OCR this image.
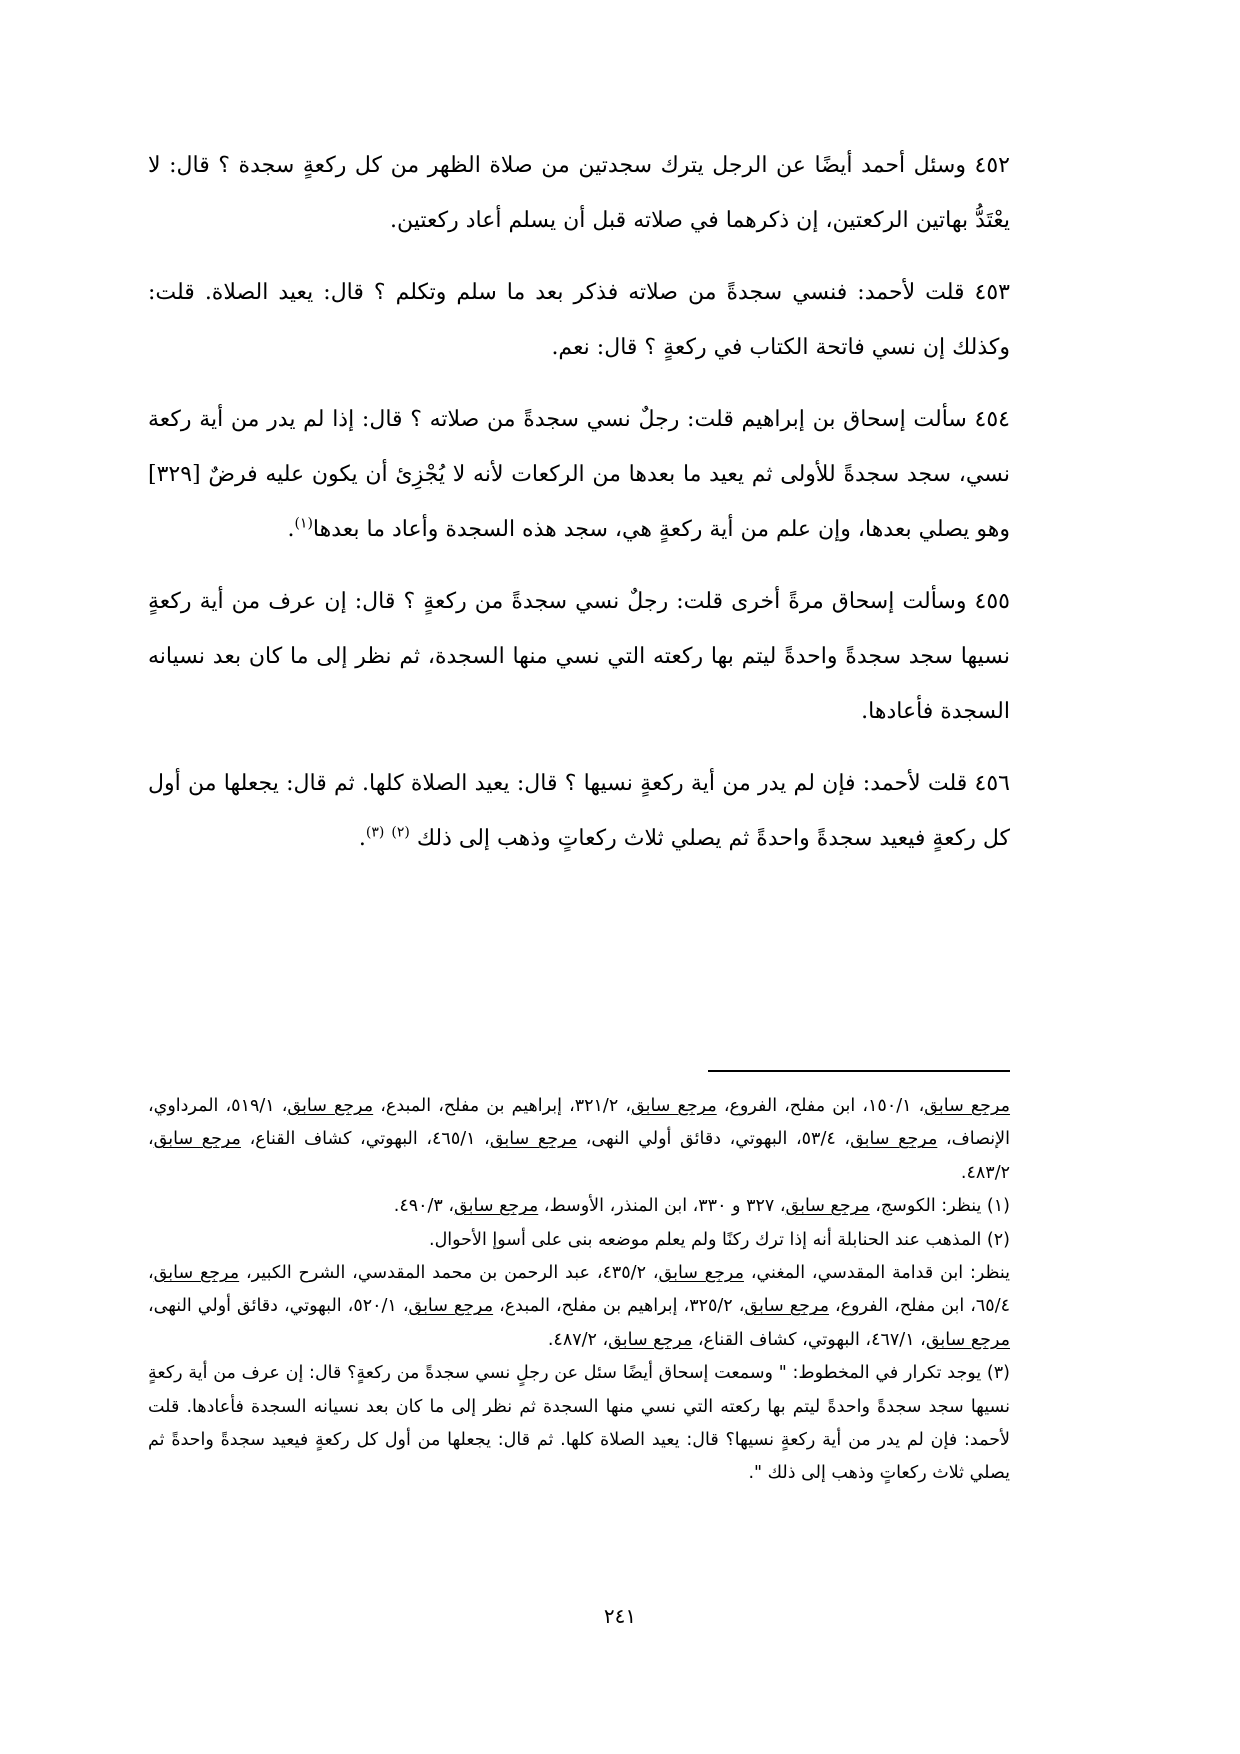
٤٥٢ وسئل أحمد أيضًا عن الرجل يترك سجدتين من صلاة الظهر من كل ركعةٍ سجدة ؟ قال: لا يعْتَدُّ بهاتين الركعتين، إن ذكرهما في صلاته قبل أن يسلم أعاد ركعتين.

٤٥٣ قلت لأحمد: فنسي سجدةً من صلاته فذكر بعد ما سلم وتكلم ؟ قال: يعيد الصلاة. قلت: وكذلك إن نسي فاتحة الكتاب في ركعةٍ ؟ قال: نعم.

٤٥٤ سألت إسحاق بن إبراهيم قلت: رجلٌ نسي سجدةً من صلاته ؟ قال: إذا لم يدر من أية ركعة نسي، سجد سجدةً للأولى ثم يعيد ما بعدها من الركعات لأنه لا يُجْزِئ أن يكون عليه فرضٌ [٣٢٩] وهو يصلي بعدها، وإن علم من أية ركعةٍ هي، سجد هذه السجدة وأعاد ما بعدها$^{(١)}$.

٤٥٥ وسألت إسحاق مرةً أخرى قلت: رجلٌ نسي سجدةً من ركعةٍ ؟ قال: إن عرف من أية ركعةٍ نسيها سجد سجدةً واحدةً ليتم بها ركعته التي نسي منها السجدة، ثم نظر إلى ما كان بعد نسيانه السجدة فأعادها.

٤٥٦ قلت لأحمد: فإن لم يدر من أية ركعةٍ نسيها ؟ قال: يعيد الصلاة كلها. ثم قال: يجعلها من أول كل ركعةٍ فيعيد سجدةً واحدةً ثم يصلي ثلاث ركعاتٍ وذهب إلى ذلك $^{(٢)}$ $^{(٣)}$.

مرجع سابق، ١٥٠/١، ابن مفلح، الفروع، مرجع سابق، ٣٢١/٢، إبراهيم بن مفلح، المبدع، مرجع سابق، ٥١٩/١، المرداوي، الإنصاف، مرجع سابق، ٥٣/٤، البهوتي، دقائق أولي النهى، مرجع سابق، ٤٦٥/١، البهوتي، كشاف القناع، مرجع سابق، ٤٨٣/٢.

(١) ينظر: الكوسج، مرجع سابق، ٣٢٧ و ٣٣٠، ابن المنذر، الأوسط، مرجع سابق، ٤٩٠/٣.

(٢) المذهب عند الحنابلة أنه إذا ترك ركنًا ولم يعلم موضعه بنى على أسوإ الأحوال.

ينظر: ابن قدامة المقدسي، المغني، مرجع سابق، ٤٣٥/٢، عبد الرحمن بن محمد المقدسي، الشرح الكبير، مرجع سابق، ٦٥/٤، ابن مفلح، الفروع، مرجع سابق، ٣٢٥/٢، إبراهيم بن مفلح، المبدع، مرجع سابق، ٥٢٠/١، البهوتي، دقائق أولي النهى، مرجع سابق، ٤٦٧/١، البهوتي، كشاف القناع، مرجع سابق، ٤٨٧/٢.

(٣) يوجد تكرار في المخطوط: " وسمعت إسحاق أيضًا سئل عن رجلٍ نسي سجدةً من ركعةٍ؟ قال: إن عرف من أية ركعةٍ نسيها سجد سجدةً واحدةً ليتم بها ركعته التي نسي منها السجدة ثم نظر إلى ما كان بعد نسيانه السجدة فأعادها. قلت لأحمد: فإن لم يدر من أية ركعةٍ نسيها؟ قال: يعيد الصلاة كلها. ثم قال: يجعلها من أول كل ركعةٍ فيعيد سجدةً واحدةً ثم يصلي ثلاث ركعاتٍ وذهب إلى ذلك ".

٢٤١
